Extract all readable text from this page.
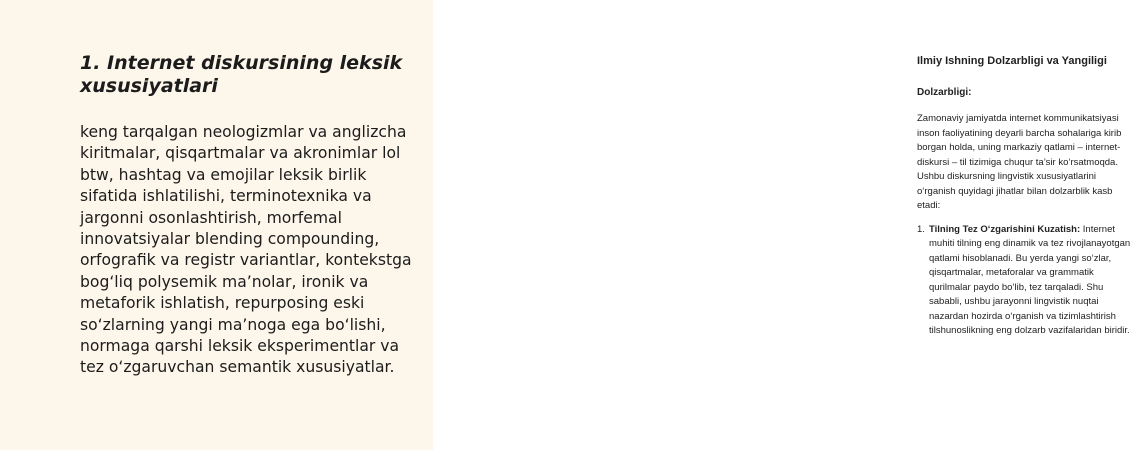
1. Internet diskursining leksik xususiyatlari

keng tarqalgan neologizmlar va anglizcha kiritmalar, qisqartmalar va akronimlar lol btw, hashtag va emojilar leksik birlik sifatida ishlatilishi, terminotexnika va jargonni osonlashtirish, morfemal innovatsiyalar blending compounding, orfografik va registr variantlar, kontekstga bog‘liq polysemik ma’nolar, ironik va metaforik ishlatish, repurposing eski so‘zlarning yangi ma’noga ega bo‘lishi, normaga qarshi leksik eksperimentlar va tez o‘zgaruvchan semantik xususiyatlar.

Ilmiy Ishning Dolzarbligi va Yangiligi

Dolzarbligi:

Zamonaviy jamiyatda internet kommunikatsiyasi inson faoliyatining deyarli barcha sohalariga kirib borgan holda, uning markaziy qatlami – internet-diskursi – til tizimiga chuqur ta’sir ko‘rsatmoqda. Ushbu diskursning lingvistik xususiyatlarini o‘rganish quyidagi jihatlar bilan dolzarblik kasb etadi:

1. Tilning Tez O‘zgarishini Kuzatish: Internet muhiti tilning eng dinamik va tez rivojlanayotgan qatlami hisoblanadi. Bu yerda yangi so‘zlar, qisqartmalar, metaforalar va grammatik qurilmalar paydo bo‘lib, tez tarqaladi. Shu sababli, ushbu jarayonni lingvistik nuqtai nazardan hozirda o‘rganish va tizimlashtirish tilshunoslikning eng dolzarb vazifalaridan biridir.
